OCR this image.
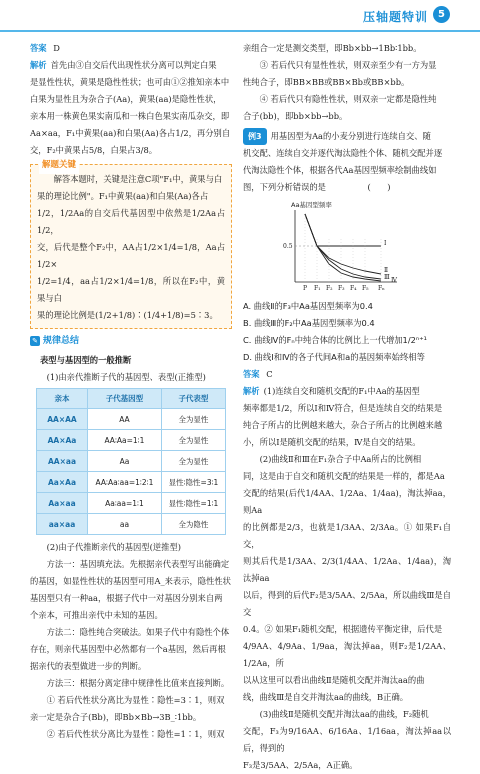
压轴题特训	5

答案 D

解析 首先由③自交后代出现性状分离可以判定白果

是显性性状，黄果是隐性性状；也可由①②推知亲本中

白果为显性且为杂合子(Aa)，黄果(aa)是隐性性状，

亲本用一株黄色果实南瓜和一株白色果实南瓜杂交，即

Aa×aa，F₁中黄果(aa)和白果(Aa)各占1/2，再分别自

交，F₂中黄果占5/8，白果占3/8。

解题关键

解答本题时，关键是注意C项"F₁中，黄果与白

果的理论比例"。F₁中黄果(aa)和白果(Aa)各占

1/2，1/2Aa的自交后代基因型中依然是1/2Aa占1/2，

交，后代是整个F₂中，AA占1/2×1/4=1/8，Aa占1/2×

1/2=1/4，aa占1/2×1/4=1/8，所以在F₂中，黄果与白

果的理论比例是(1/2+1/8)∶(1/4+1/8)=5∶3。

✎ 规律总结

表型与基因型的一般推断

(1)由亲代推断子代的基因型、表型(正推型)

亲本	子代基因型	子代表型
AA×AA	AA	全为显性
AA×Aa	AA∶Aa=1∶1	全为显性
AA×aa	Aa	全为显性
Aa×Aa	AA∶Aa∶aa=1∶2∶1	显性∶隐性=3∶1
Aa×aa	Aa∶aa=1∶1	显性∶隐性=1∶1
aa×aa	aa	全为隐性

(2)由子代推断亲代的基因型(逆推型)

方法一：基因填充法。先根据亲代表型写出能确定

的基因，如显性性状的基因型可用A_来表示，隐性性状

基因型只有一种aa，根据子代中一对基因分别来自两

个亲本，可推出亲代中未知的基因。

方法二：隐性纯合突破法。如果子代中有隐性个体

存在，则亲代基因型中必然都有一个a基因，然后再根

据亲代的表型做进一步的判断。

方法三：根据分离定律中规律性比值来直接判断。

① 若后代性状分离比为显性∶隐性=3∶1，则双

亲一定是杂合子(Bb)，即Bb×Bb→3B_∶1bb。

② 若后代性状分离比为显性∶隐性=1∶1，则双

亲组合一定是测交类型，即Bb×bb→1Bb∶1bb。

③ 若后代只有显性性状，则双亲至少有一方为显

性纯合子，即BB×BB或BB×Bb或BB×bb。

④ 若后代只有隐性性状，则双亲一定都是隐性纯

合子(bb)，即bb×bb→bb。

例3 用基因型为Aa的小麦分别进行连续自交、随

机交配、连续自交并逐代淘汰隐性个体、随机交配并逐

代淘汰隐性个体，根据各代Aa基因型频率绘制曲线如

图，下列分析错误的是　　　　　(　　)

Aa基因型频率
0.5	Ⅰ
Ⅱ
Ⅲ Ⅳ
P F₁ F₂ F₃ F₄ F₅ Fₙ

A. 曲线Ⅱ的F₃中Aa基因型频率为0.4

B. 曲线Ⅲ的F₂中Aa基因型频率为0.4

C. 曲线Ⅳ的Fₙ中纯合体的比例比上一代增加1/2ⁿ⁺¹

D. 曲线Ⅰ和Ⅳ的各子代间A和a的基因频率始终相等

答案 C

解析 (1)连续自交和随机交配的F₁中Aa的基因型

频率都是1/2，所以Ⅰ和Ⅳ符合，但是连续自交的结果是

纯合子所占的比例越来越大，杂合子所占的比例越来越

小，所以Ⅰ是随机交配的结果，Ⅳ是自交的结果。

(2)曲线Ⅱ和Ⅲ在F₁杂合子中Aa所占的比例相

同，这是由于自交和随机交配的结果是一样的，都是Aa

交配的结果(后代1/4AA、1/2Aa、1/4aa)，淘汰掉aa，则Aa

的比例都是2/3，也就是1/3AA、2/3Aa。① 如果F₁自交，

则其后代是1/3AA、2/3(1/4AA、1/2Aa、1/4aa)，淘汰掉aa

以后，得到的后代F₂是3/5AA、2/5Aa，所以曲线Ⅲ是自交

0.4。② 如果F₁随机交配，根据遗传平衡定律，后代是

4/9AA、4/9Aa、1/9aa，淘汰掉aa，则F₂是1/2AA、1/2Aa，所

以从这里可以看出曲线Ⅱ是随机交配并淘汰aa的曲

线，曲线Ⅲ是自交并淘汰aa的曲线，B正确。

(3)曲线Ⅱ是随机交配并淘汰aa的曲线，F₂随机

交配，F₃为9/16AA、6/16Aa、1/16aa，淘汰掉aa以后，得到的

F₃是3/5AA、2/5Aa，A正确。
